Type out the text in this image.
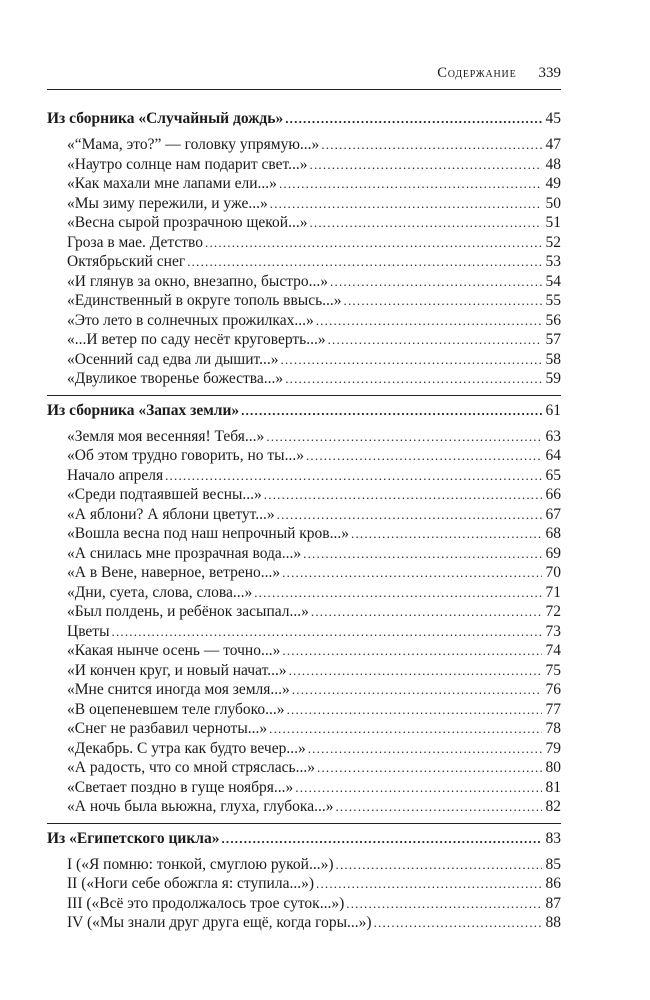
Содержание 339
Из сборника «Случайный дождь» .....	45
«“Мама, это?” — головку упрямую...» .....	47
«Наутро солнце нам подарит свет...» .....	48
«Как махали мне лапами ели...» .....	49
«Мы зиму пережили, и уже...» .....	50
«Весна сырой прозрачною щекой...» .....	51
Гроза в мае. Детство .....	52
Октябрьский снег .....	53
«И глянув за окно, внезапно, быстро...» .....	54
«Единственный в округе тополь ввысь...» .....	55
«Это лето в солнечных прожилках...» .....	56
«...И ветер по саду несёт круговерть...» .....	57
«Осенний сад едва ли дышит...» .....	58
«Двуликое творенье божества...» .....	59
Из сборника «Запах земли» .....	61
«Земля моя весенняя! Тебя...» .....	63
«Об этом трудно говорить, но ты...» .....	64
Начало апреля .....	65
«Среди подтаявшей весны...» .....	66
«А яблони? А яблони цветут...» .....	67
«Вошла весна под наш непрочный кров...» .....	68
«А снилась мне прозрачная вода...» .....	69
«А в Вене, наверное, ветрено...» .....	70
«Дни, суета, слова, слова...» .....	71
«Был полдень, и ребёнок засыпал...» .....	72
Цветы .....	73
«Какая нынче осень — точно...» .....	74
«И кончен круг, и новый начат...» .....	75
«Мне снится иногда моя земля...» .....	76
«В оцепеневшем теле глубоко...» .....	77
«Снег не разбавил черноты...» .....	78
«Декабрь. С утра как будто вечер...» .....	79
«А радость, что со мной стряслась...» .....	80
«Светает поздно в гуще ноября...» .....	81
«А ночь была вьюжна, глуха, глубока...» .....	82
Из «Египетского цикла» .....	83
I («Я помню: тонкой, смуглою рукой...») .....	85
II («Ноги себе обожгла я: ступила...») .....	86
III («Всё это продолжалось трое суток...») .....	87
IV («Мы знали друг друга ещё, когда горы...») .....	88
